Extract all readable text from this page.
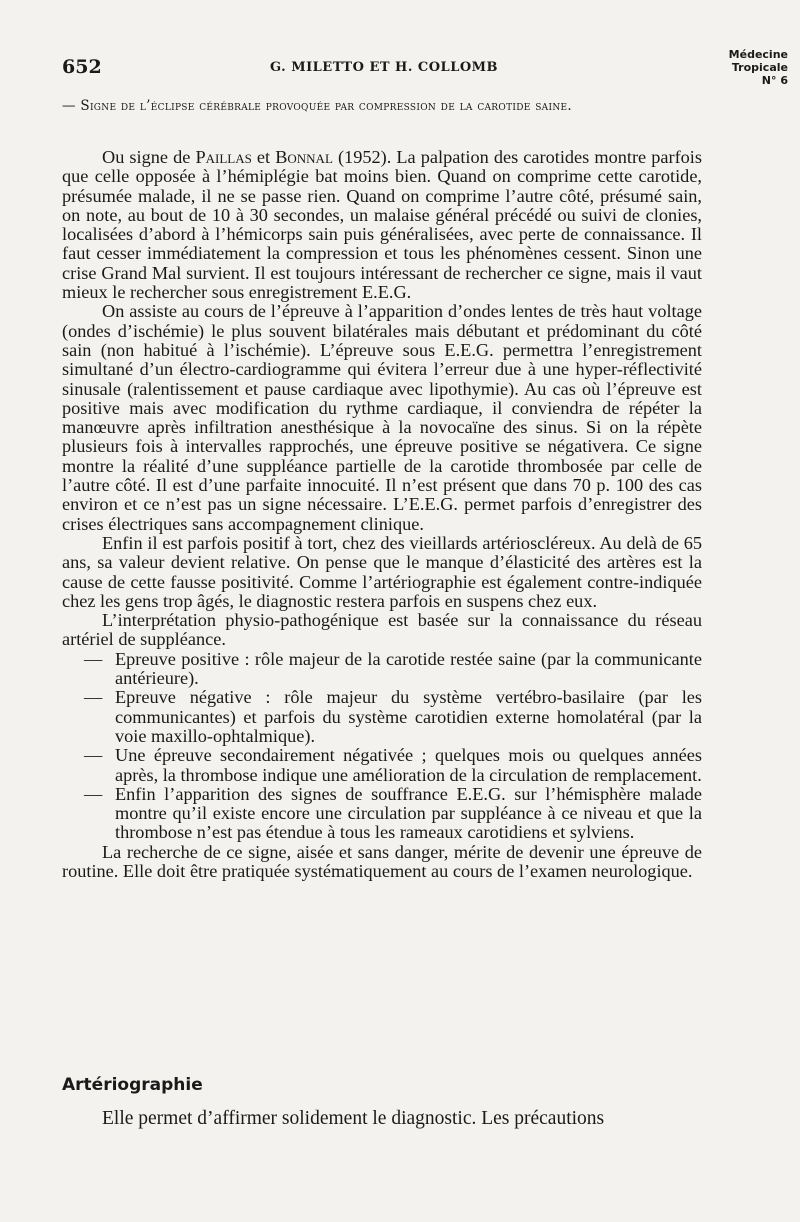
652	G. MILETTO ET H. COLLOMB
Médecine
Tropicale
N° 6
— Signe de l’éclipse cérébrale provoquée par compression de la carotide saine.

Ou signe de Paillas et Bonnal (1952). La palpation des carotides montre parfois que celle opposée à l’hémiplégie bat moins bien. Quand on comprime cette carotide, présumée malade, il ne se passe rien. Quand on comprime l’autre côté, présumé sain, on note, au bout de 10 à 30 secondes, un malaise général précédé ou suivi de clonies, localisées d’abord à l’hémicorps sain puis généralisées, avec perte de connaissance. Il faut cesser immédiatement la compression et tous les phénomènes cessent. Sinon une crise Grand Mal survient. Il est toujours intéressant de rechercher ce signe, mais il vaut mieux le rechercher sous enregistrement E.E.G.

On assiste au cours de l’épreuve à l’apparition d’ondes lentes de très haut voltage (ondes d’ischémie) le plus souvent bilatérales mais débutant et prédominant du côté sain (non habitué à l’ischémie). L’épreuve sous E.E.G. permettra l’enregistrement simultané d’un électro-cardiogramme qui évitera l’erreur due à une hyper-réflectivité sinusale (ralentissement et pause cardiaque avec lipothymie). Au cas où l’épreuve est positive mais avec modification du rythme cardiaque, il conviendra de répéter la manœuvre après infiltration anesthésique à la novocaïne des sinus. Si on la répète plusieurs fois à intervalles rapprochés, une épreuve positive se négativera. Ce signe montre la réalité d’une suppléance partielle de la carotide thrombosée par celle de l’autre côté. Il est d’une parfaite innocuité. Il n’est présent que dans 70 p. 100 des cas environ et ce n’est pas un signe nécessaire. L’E.E.G. permet parfois d’enregistrer des crises électriques sans accompagnement clinique.

Enfin il est parfois positif à tort, chez des vieillards artérioscléreux. Au delà de 65 ans, sa valeur devient relative. On pense que le manque d’élasticité des artères est la cause de cette fausse positivité. Comme l’artériographie est également contre-indiquée chez les gens trop âgés, le diagnostic restera parfois en suspens chez eux.

L’interprétation physio-pathogénique est basée sur la connaissance du réseau artériel de suppléance.

— Epreuve positive : rôle majeur de la carotide restée saine (par la communicante antérieure).
— Epreuve négative : rôle majeur du système vertébro-basilaire (par les communicantes) et parfois du système carotidien externe homolatéral (par la voie maxillo-ophtalmique).
— Une épreuve secondairement négativée ; quelques mois ou quelques années après, la thrombose indique une amélioration de la circulation de remplacement.
— Enfin l’apparition des signes de souffrance E.E.G. sur l’hémisphère malade montre qu’il existe encore une circulation par suppléance à ce niveau et que la thrombose n’est pas étendue à tous les rameaux carotidiens et sylviens.

La recherche de ce signe, aisée et sans danger, mérite de devenir une épreuve de routine. Elle doit être pratiquée systématiquement au cours de l’examen neurologique.

Artériographie
Elle permet d’affirmer solidement le diagnostic. Les précautions
